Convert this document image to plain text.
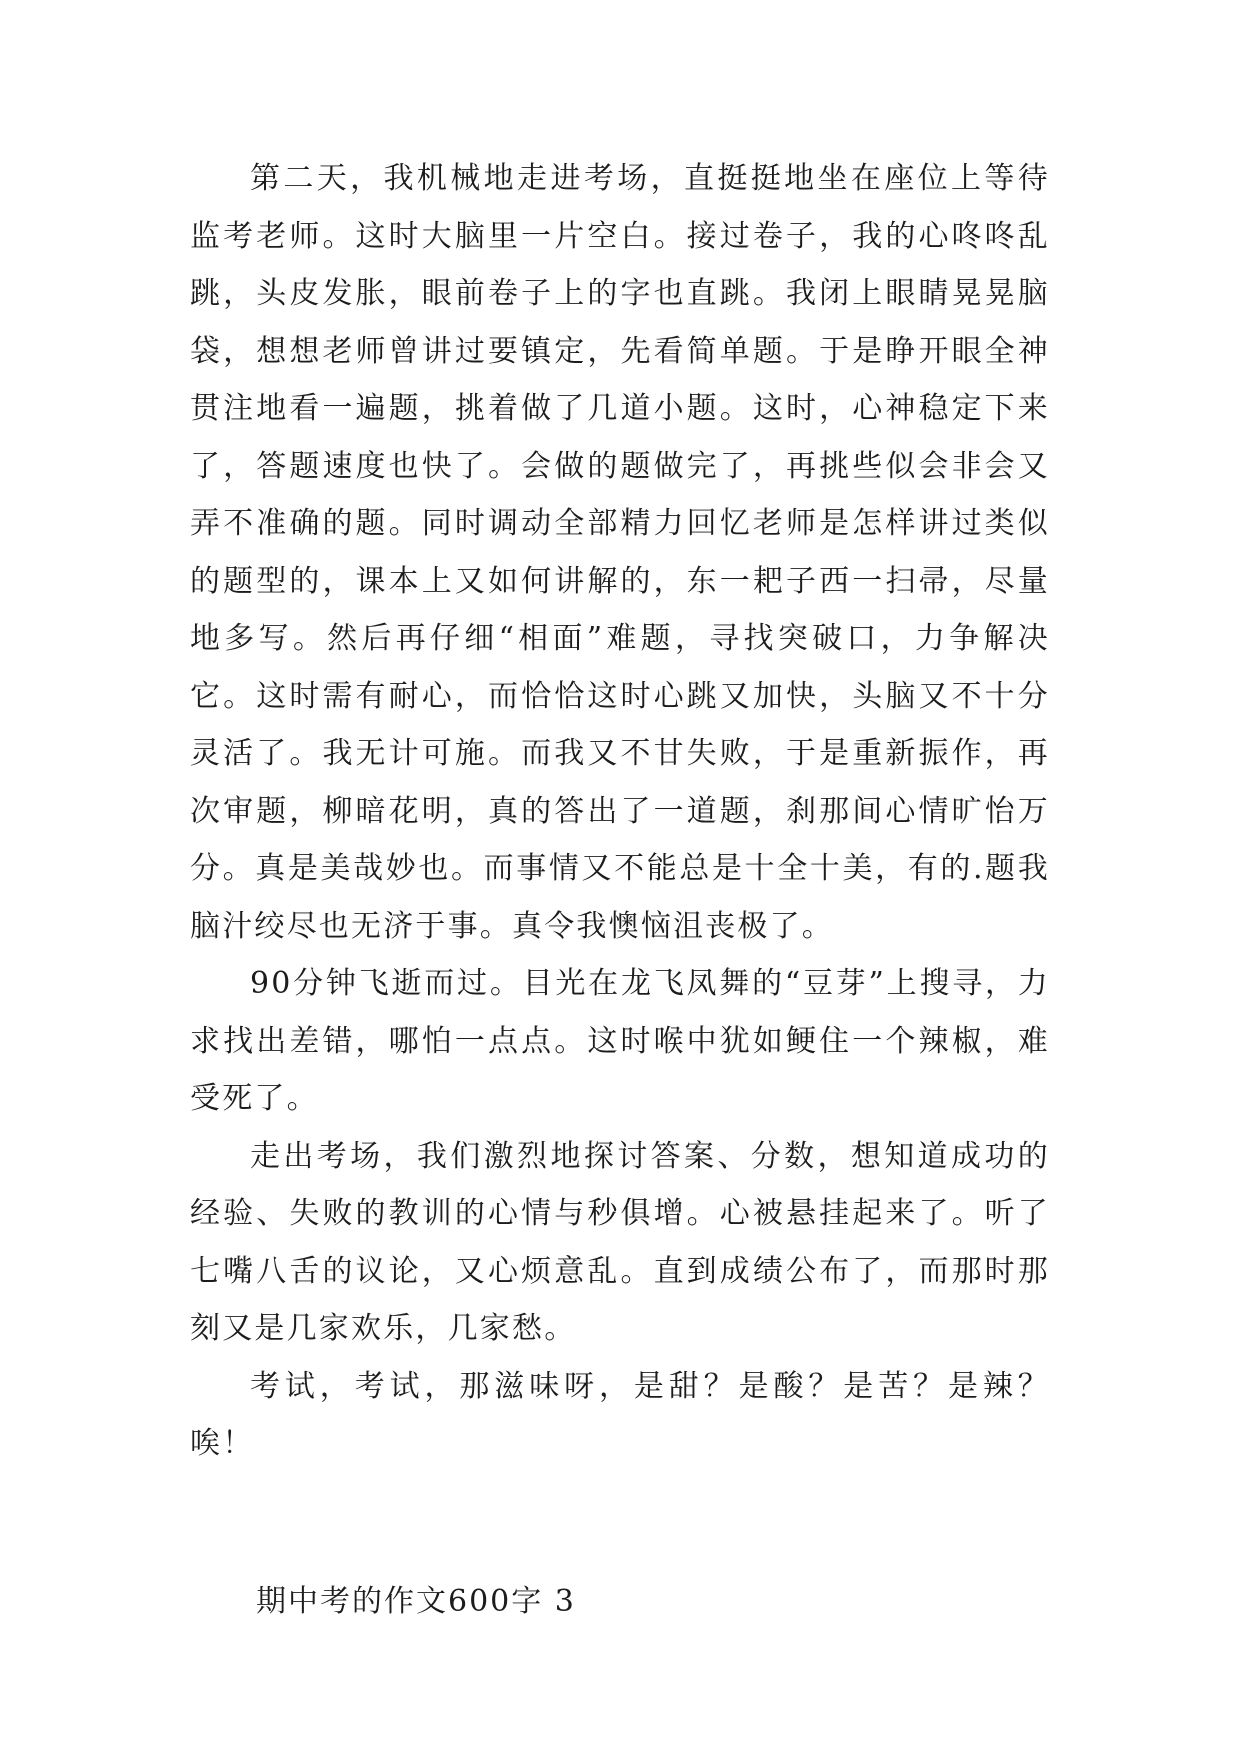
第二天，我机械地走进考场，直挺挺地坐在座位上等待监考老师。这时大脑里一片空白。接过卷子，我的心咚咚乱跳，头皮发胀，眼前卷子上的字也直跳。我闭上眼睛晃晃脑袋，想想老师曾讲过要镇定，先看简单题。于是睁开眼全神贯注地看一遍题，挑着做了几道小题。这时，心神稳定下来了，答题速度也快了。会做的题做完了，再挑些似会非会又弄不准确的题。同时调动全部精力回忆老师是怎样讲过类似的题型的，课本上又如何讲解的，东一耙子西一扫帚，尽量地多写。然后再仔细“相面”难题，寻找突破口，力争解决它。这时需有耐心，而恰恰这时心跳又加快，头脑又不十分灵活了。我无计可施。而我又不甘失败，于是重新振作，再次审题，柳暗花明，真的答出了一道题，刹那间心情旷怡万分。真是美哉妙也。而事情又不能总是十全十美，有的.题我脑汁绞尽也无济于事。真令我懊恼沮丧极了。

90分钟飞逝而过。目光在龙飞凤舞的“豆芽”上搜寻，力求找出差错，哪怕一点点。这时喉中犹如鲠住一个辣椒，难受死了。

走出考场，我们激烈地探讨答案、分数，想知道成功的经验、失败的教训的心情与秒俱增。心被悬挂起来了。听了七嘴八舌的议论，又心烦意乱。直到成绩公布了，而那时那刻又是几家欢乐，几家愁。

考试，考试，那滋味呀，是甜？是酸？是苦？是辣？唉！

期中考的作文600字 3
